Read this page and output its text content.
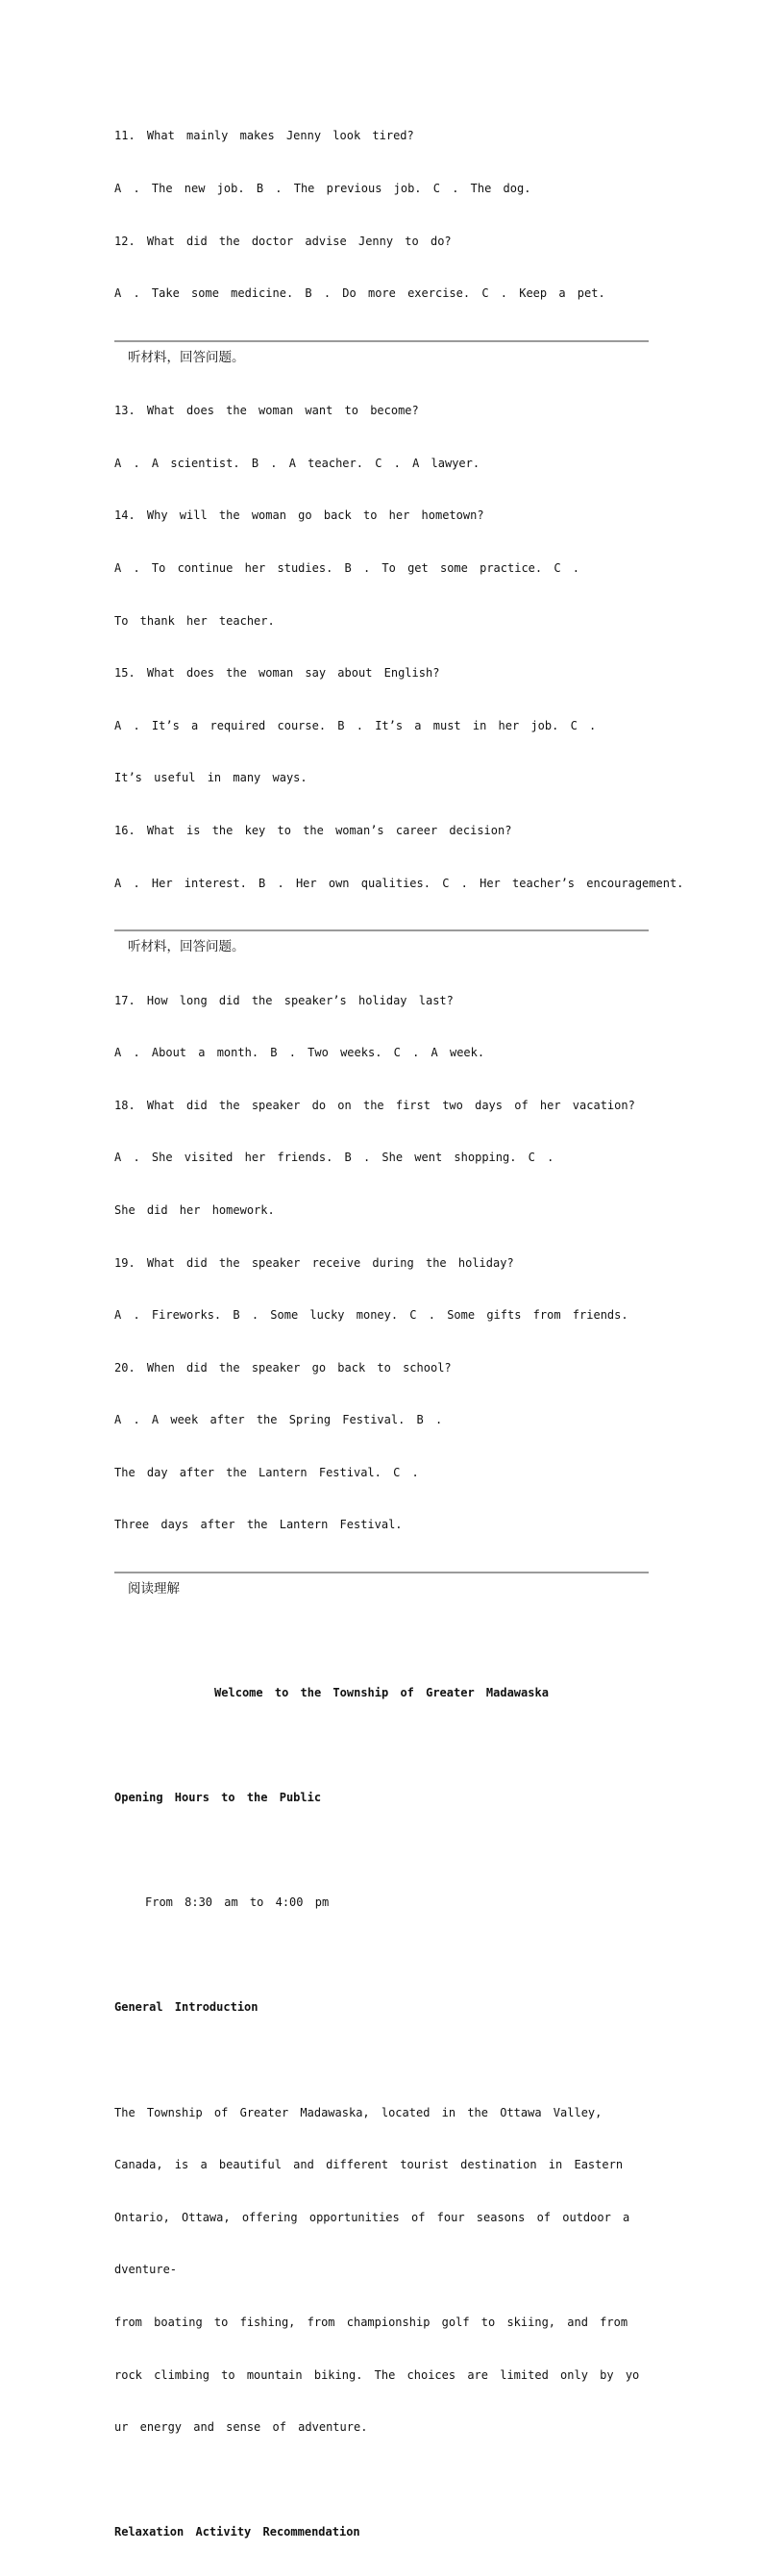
11. What mainly makes Jenny look tired?

A . The new job. B . The previous job. C . The dog.

12. What did the doctor advise Jenny to do?

A . Take some medicine. B . Do more exercise. C . Keep a pet.

听材料，回答问题。

13. What does the woman want to become?

A . A scientist. B . A teacher. C . A lawyer.

14. Why will the woman go back to her hometown?

A . To continue her studies. B . To get some practice. C .

To thank her teacher.

15. What does the woman say about English?

A . It’s a required course. B . It’s a must in her job. C .

It’s useful in many ways.

16. What is the key to the woman’s career decision?

A . Her interest. B . Her own qualities. C . Her teacher’s encouragement.

听材料，回答问题。

17. How long did the speaker’s holiday last?

A . About a month. B . Two weeks. C . A week.

18. What did the speaker do on the first two days of her vacation?

A . She visited her friends. B . She went shopping. C .

She did her homework.

19. What did the speaker receive during the holiday?

A . Fireworks. B . Some lucky money. C . Some gifts from friends.

20. When did the speaker go back to school?

A . A week after the Spring Festival. B .

The day after the Lantern Festival. C .

Three days after the Lantern Festival.

阅读理解

Welcome to the Township of Greater Madawaska

Opening Hours to the Public

From 8:30 am to 4:00 pm

General Introduction

The Township of Greater Madawaska, located in the Ottawa Valley,

Canada, is a beautiful and different tourist destination in Eastern

Ontario, Ottawa, offering opportunities of four seasons of outdoor a

dventure-

from boating to fishing, from championship golf to skiing, and from

rock climbing to mountain biking. The choices are limited only by yo

ur energy and sense of adventure.

Relaxation Activity Recommendation
